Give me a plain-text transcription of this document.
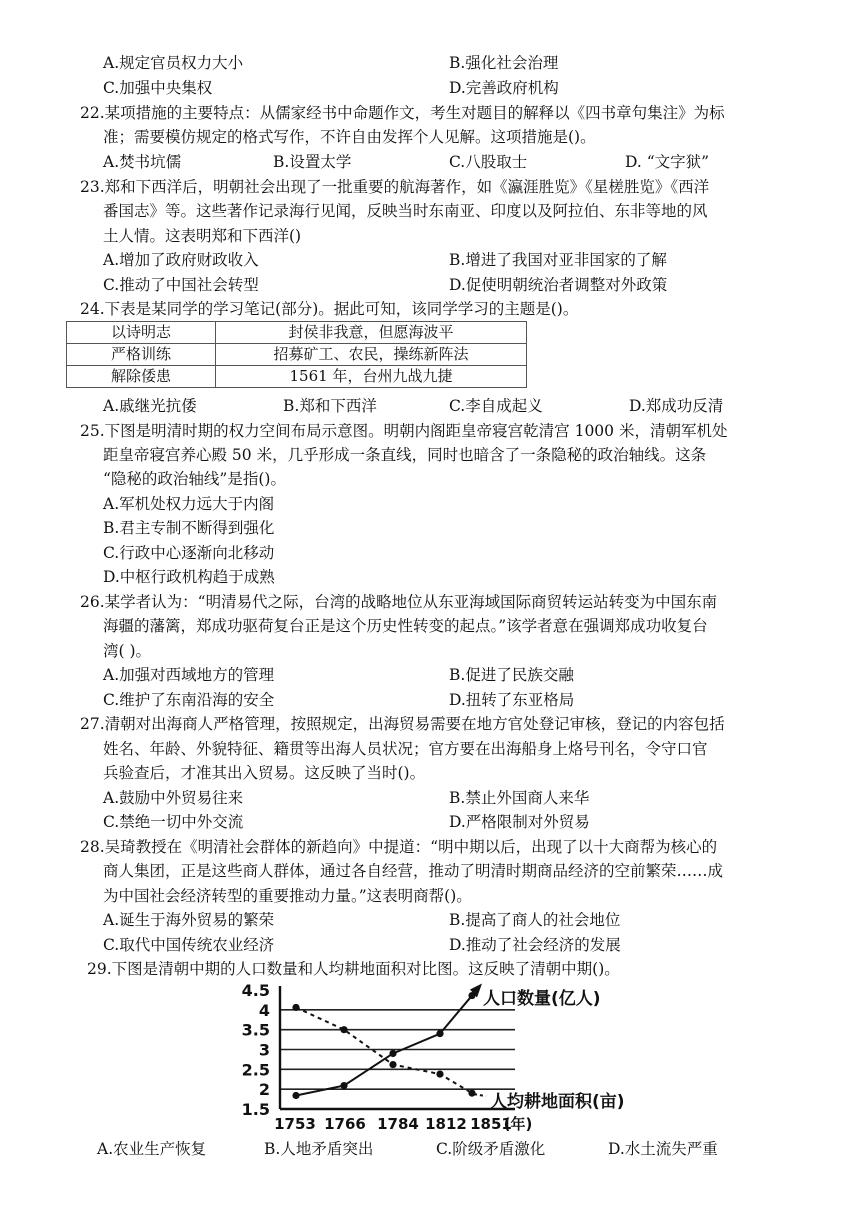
A.规定官员权力大小	B.强化社会治理
C.加强中央集权	D.完善政府机构
22.某项措施的主要特点：从儒家经书中命题作文，考生对题目的解释以《四书章句集注》为标
准；需要模仿规定的格式写作，不许自由发挥个人见解。这项措施是()。
A.焚书坑儒	B.设置太学	C.八股取士	D. “文字狱”
23.郑和下西洋后，明朝社会出现了一批重要的航海著作，如《瀛涯胜览》《星槎胜览》《西洋
番国志》等。这些著作记录海行见闻，反映当时东南亚、印度以及阿拉伯、东非等地的风
土人情。这表明郑和下西洋()
A.增加了政府财政收入	B.增进了我国对亚非国家的了解
C.推动了中国社会转型	D.促使明朝统治者调整对外政策
24.下表是某同学的学习笔记(部分)。据此可知，该同学学习的主题是()。
以诗明志	封侯非我意，但愿海波平
严格训练	招募矿工、农民，操练新阵法
解除倭患	1561 年，台州九战九捷
A.戚继光抗倭	B.郑和下西洋	C.李自成起义	D.郑成功反清
25.下图是明清时期的权力空间布局示意图。明朝内阁距皇帝寝宫乾清宫 1000 米，清朝军机处
距皇帝寝宫养心殿 50 米，几乎形成一条直线，同时也暗含了一条隐秘的政治轴线。这条
“隐秘的政治轴线”是指()。
A.军机处权力远大于内阁
B.君主专制不断得到强化
C.行政中心逐渐向北移动
D.中枢行政机构趋于成熟
26.某学者认为：“明清易代之际，台湾的战略地位从东亚海域国际商贸转运站转变为中国东南
海疆的藩篱，郑成功驱荷复台正是这个历史性转变的起点。”该学者意在强调郑成功收复台
湾( )。
A.加强对西域地方的管理	B.促进了民族交融
C.维护了东南沿海的安全	D.扭转了东亚格局
27.清朝对出海商人严格管理，按照规定，出海贸易需要在地方官处登记审核，登记的内容包括
姓名、年龄、外貌特征、籍贯等出海人员状况；官方要在出海船身上烙号刊名，令守口官
兵验查后，才准其出入贸易。这反映了当时()。
A.鼓励中外贸易往来	B.禁止外国商人来华
C.禁绝一切中外交流	D.严格限制对外贸易
28.吴琦教授在《明清社会群体的新趋向》中提道：“明中期以后，出现了以十大商帮为核心的
商人集团，正是这些商人群体，通过各自经营，推动了明清时期商品经济的空前繁荣……成
为中国社会经济转型的重要推动力量。”这表明商帮()。
A.诞生于海外贸易的繁荣	B.提高了商人的社会地位
C.取代中国传统农业经济	D.推动了社会经济的发展
29.下图是清朝中期的人口数量和人均耕地面积对比图。这反映了清朝中期()。
1.5
2
2.5
3
3.5
4
4.5
1753 1766 1784 1812 1851
(年)
人口数量(亿人)
人均耕地面积(亩)
A.农业生产恢复	B.人地矛盾突出	C.阶级矛盾激化	D.水土流失严重
